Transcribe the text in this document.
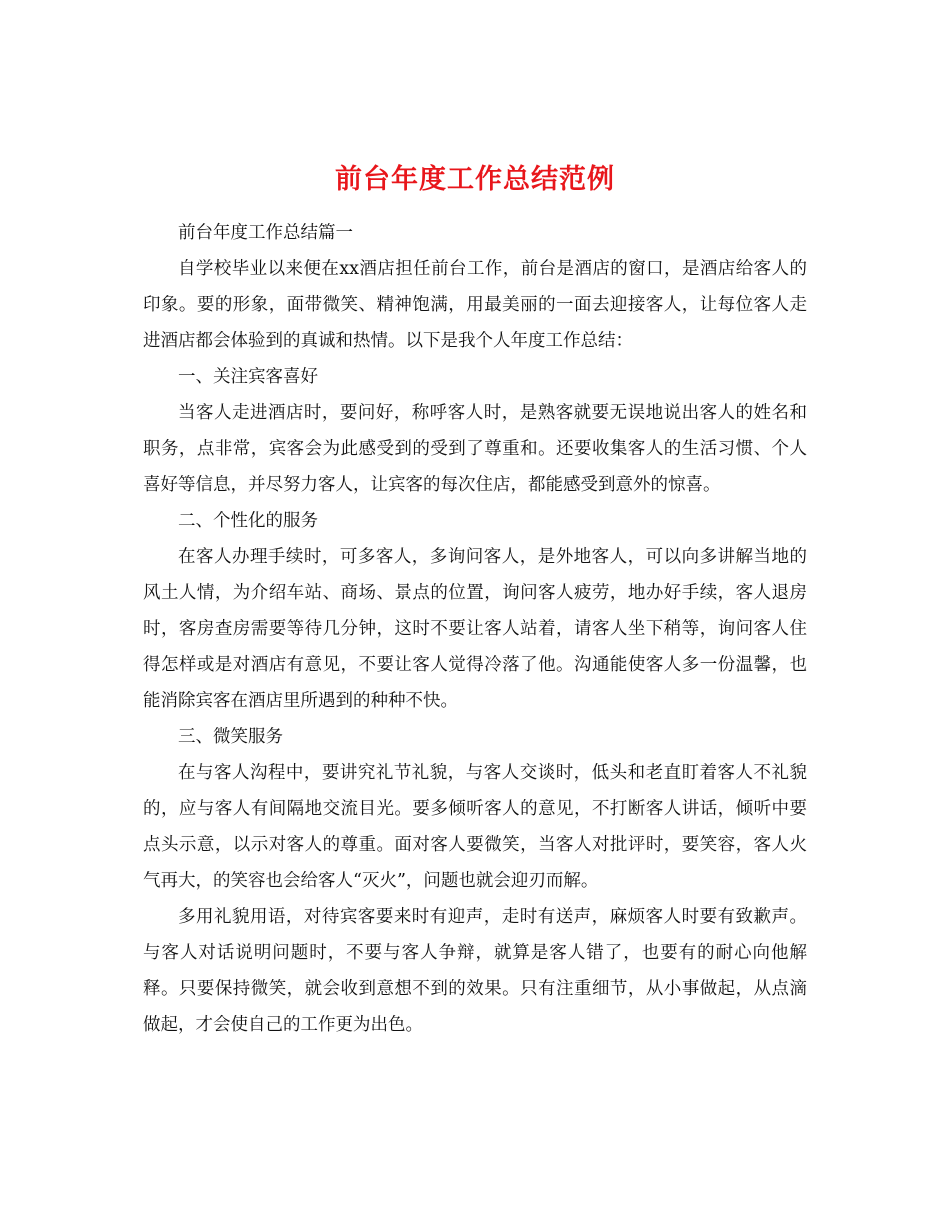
前台年度工作总结范例

前台年度工作总结篇一

自学校毕业以来便在xx酒店担任前台工作，前台是酒店的窗口，是酒店给客人的印象。要的形象，面带微笑、精神饱满，用最美丽的一面去迎接客人，让每位客人走进酒店都会体验到的真诚和热情。以下是我个人年度工作总结：

一、关注宾客喜好

当客人走进酒店时，要问好，称呼客人时，是熟客就要无误地说出客人的姓名和职务，点非常，宾客会为此感受到的受到了尊重和。还要收集客人的生活习惯、个人喜好等信息，并尽努力客人，让宾客的每次住店，都能感受到意外的惊喜。

二、个性化的服务

在客人办理手续时，可多客人，多询问客人，是外地客人，可以向多讲解当地的风土人情，为介绍车站、商场、景点的位置，询问客人疲劳，地办好手续，客人退房时，客房查房需要等待几分钟，这时不要让客人站着，请客人坐下稍等，询问客人住得怎样或是对酒店有意见，不要让客人觉得冷落了他。沟通能使客人多一份温馨，也能消除宾客在酒店里所遇到的种种不快。

三、微笑服务

在与客人沟程中，要讲究礼节礼貌，与客人交谈时，低头和老直盯着客人不礼貌的，应与客人有间隔地交流目光。要多倾听客人的意见，不打断客人讲话，倾听中要点头示意，以示对客人的尊重。面对客人要微笑，当客人对批评时，要笑容，客人火气再大，的笑容也会给客人“灭火”，问题也就会迎刃而解。

多用礼貌用语，对待宾客要来时有迎声，走时有送声，麻烦客人时要有致歉声。与客人对话说明问题时，不要与客人争辩，就算是客人错了，也要有的耐心向他解释。只要保持微笑，就会收到意想不到的效果。只有注重细节，从小事做起，从点滴做起，才会使自己的工作更为出色。
